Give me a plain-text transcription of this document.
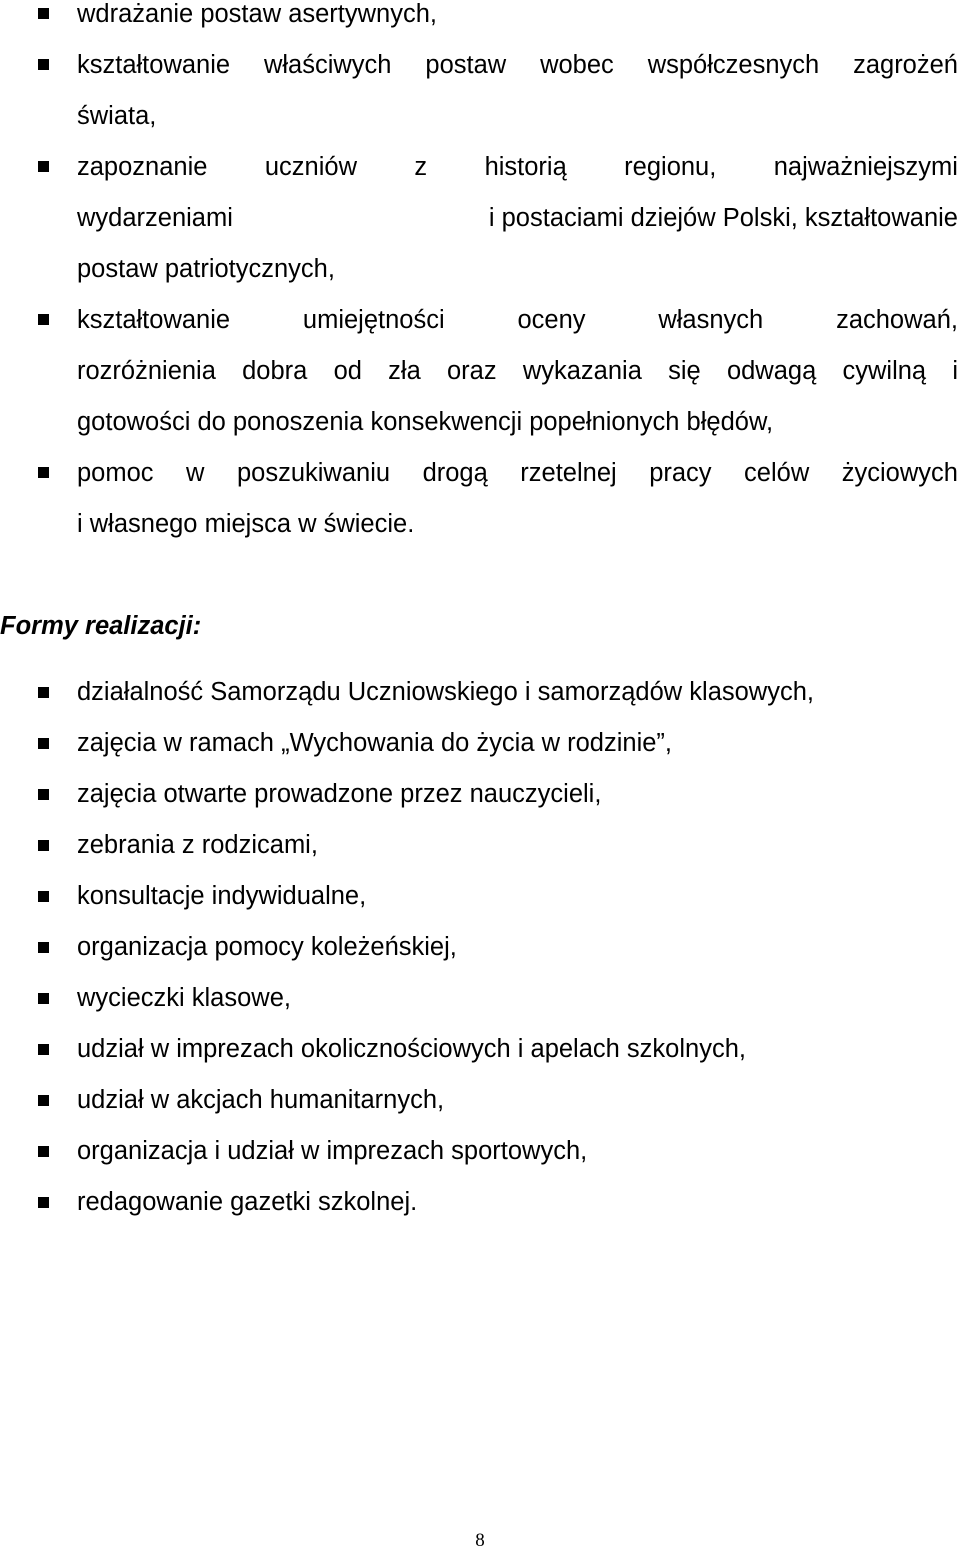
wdrażanie postaw asertywnych,
kształtowanie właściwych postaw wobec współczesnych zagrożeń
świata,
zapoznanie uczniów z historią regionu, najważniejszymi
wydarzeniami	i postaciami dziejów Polski, kształtowanie
postaw patriotycznych,
kształtowanie	umiejętności	oceny	własnych	zachowań,
rozróżnienia dobra od zła oraz wykazania się odwagą cywilną i
gotowości do ponoszenia konsekwencji popełnionych błędów,
pomoc w poszukiwaniu drogą rzetelnej pracy celów życiowych
i własnego miejsca w świecie.
Formy realizacji:
działalność Samorządu Uczniowskiego i samorządów klasowych,
zajęcia w ramach „Wychowania do życia w rodzinie”,
zajęcia otwarte prowadzone przez nauczycieli,
zebrania z rodzicami,
konsultacje indywidualne,
organizacja pomocy koleżeńskiej,
wycieczki klasowe,
udział w imprezach okolicznościowych i apelach szkolnych,
udział w akcjach humanitarnych,
organizacja i udział w imprezach sportowych,
redagowanie gazetki szkolnej.
8
